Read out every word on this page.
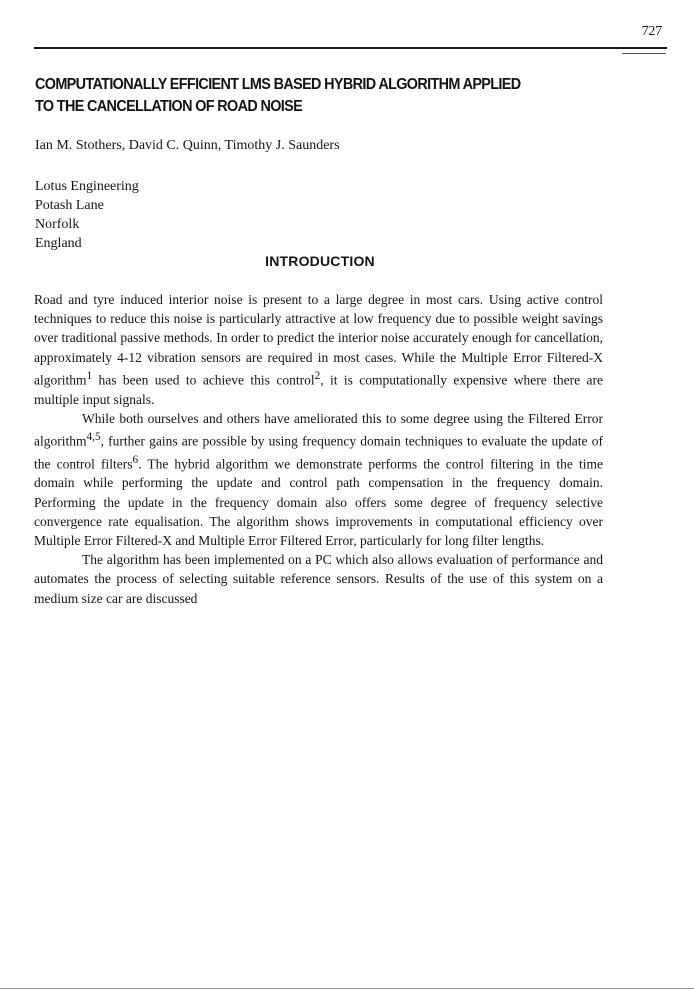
727
COMPUTATIONALLY EFFICIENT LMS BASED HYBRID ALGORITHM APPLIED
TO THE CANCELLATION OF ROAD NOISE
Ian M. Stothers, David C. Quinn, Timothy J. Saunders
Lotus Engineering
Potash Lane
Norfolk
England
INTRODUCTION

Road and tyre induced interior noise is present to a large degree in most cars. Using active control techniques to reduce this noise is particularly attractive at low frequency due to possible weight savings over traditional passive methods. In order to predict the interior noise accurately enough for cancellation, approximately 4-12 vibration sensors are required in most cases. While the Multiple Error Filtered-X algorithm$^1$ has been used to achieve this control$^2$, it is computationally expensive where there are multiple input signals.

While both ourselves and others have ameliorated this to some degree using the Filtered Error algorithm$^{4,5}$, further gains are possible by using frequency domain techniques to evaluate the update of the control filters$^6$. The hybrid algorithm we demonstrate performs the control filtering in the time domain while performing the update and control path compensation in the frequency domain. Performing the update in the frequency domain also offers some degree of frequency selective convergence rate equalisation. The algorithm shows improvements in computational efficiency over Multiple Error Filtered-X and Multiple Error Filtered Error, particularly for long filter lengths.

The algorithm has been implemented on a PC which also allows evaluation of performance and automates the process of selecting suitable reference sensors. Results of the use of this system on a medium size car are discussed
